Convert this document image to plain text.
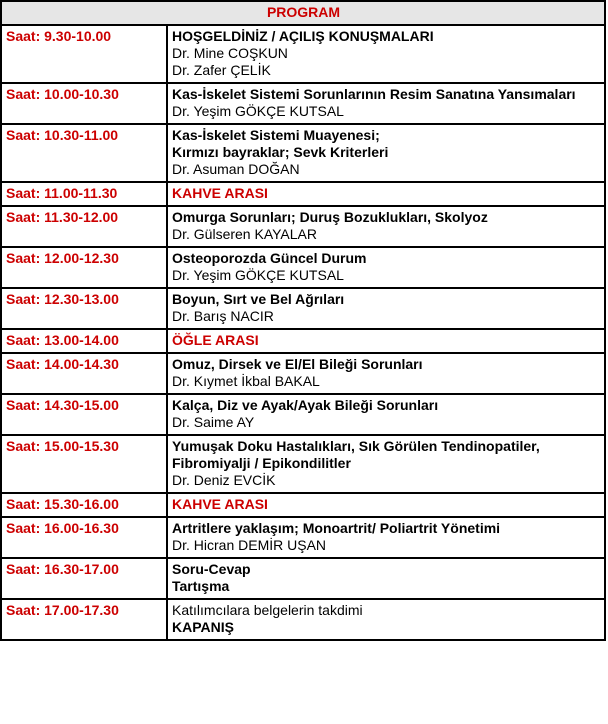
PROGRAM	
Saat: 9.30-10.00	HOŞGELDİNİZ / AÇILIŞ KONUŞMALARI
Dr. Mine COŞKUN
Dr. Zafer ÇELİK

Saat: 10.00-10.30	Kas-İskelet Sistemi Sorunlarının Resim Sanatına Yansımaları
Dr. Yeşim GÖKÇE KUTSAL

Saat: 10.30-11.00	Kas-İskelet Sistemi Muayenesi;
Kırmızı bayraklar; Sevk Kriterleri
Dr. Asuman DOĞAN

Saat: 11.00-11.30	KAHVE ARASI

Saat: 11.30-12.00	Omurga Sorunları; Duruş Bozuklukları, Skolyoz
Dr. Gülseren KAYALAR

Saat: 12.00-12.30	Osteoporozda Güncel Durum
Dr. Yeşim GÖKÇE KUTSAL

Saat: 12.30-13.00	Boyun, Sırt ve Bel Ağrıları
Dr. Barış NACIR

Saat: 13.00-14.00	ÖĞLE ARASI

Saat: 14.00-14.30	Omuz, Dirsek ve El/El Bileği Sorunları
Dr. Kıymet İkbal BAKAL

Saat: 14.30-15.00	Kalça, Diz ve Ayak/Ayak Bileği Sorunları
Dr. Saime AY

Saat: 15.00-15.30	Yumuşak Doku Hastalıkları, Sık Görülen Tendinopatiler, Fibromiyalji / Epikondilitler
Dr. Deniz EVCİK

Saat: 15.30-16.00	KAHVE ARASI

Saat: 16.00-16.30	Artritlere yaklaşım; Monoartrit/ Poliartrit Yönetimi
Dr. Hicran DEMİR UŞAN

Saat: 16.30-17.00	Soru-Cevap
Tartışma

Saat: 17.00-17.30	Katılımcılara belgelerin takdimi
KAPANIŞ
